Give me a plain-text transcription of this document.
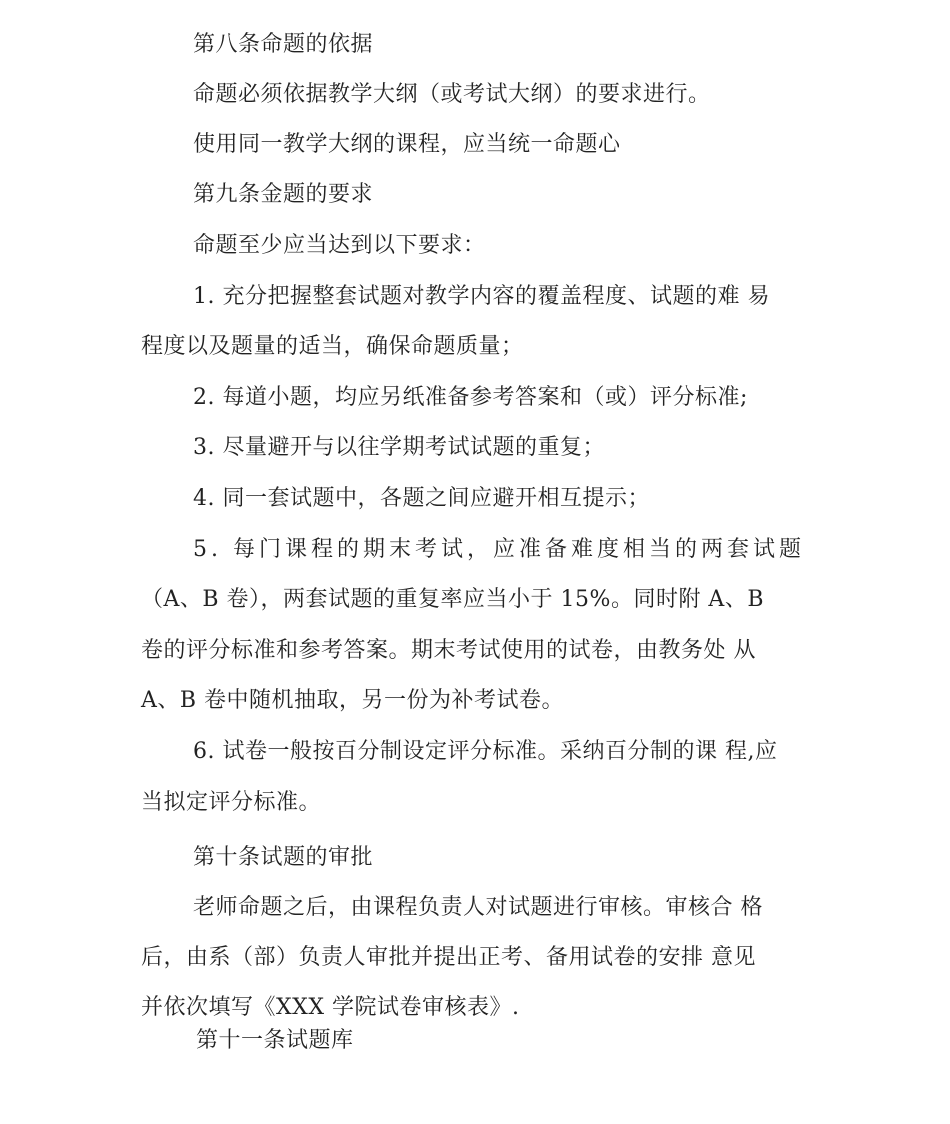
第八条命题的依据
命题必须依据教学大纲（或考试大纲）的要求进行。
使用同一教学大纲的课程，应当统一命题心
第九条金题的要求
命题至少应当达到以下要求：
1. 充分把握整套试题对教学内容的覆盖程度、试题的难 易
程度以及题量的适当，确保命题质量；
2. 每道小题，均应另纸准备参考答案和（或）评分标准;
3. 尽量避开与以往学期考试试题的重复；
4. 同一套试题中，各题之间应避开相互提示；
5. 每门课程的期末考试，应准备难度相当的两套试题
（A、B 卷），两套试题的重复率应当小于 15%。同时附 A、B
卷的评分标准和参考答案。期末考试使用的试卷，由教务处 从
A、B 卷中随机抽取，另一份为补考试卷。
6. 试卷一般按百分制设定评分标准。采纳百分制的课 程,应
当拟定评分标准。
第十条试题的审批
老师命题之后，由课程负责人对试题进行审核。审核合 格
后，由系（部）负责人审批并提出正考、备用试卷的安排 意见
并依次填写《XXX 学院试卷审核表》.
第十一条试题库
